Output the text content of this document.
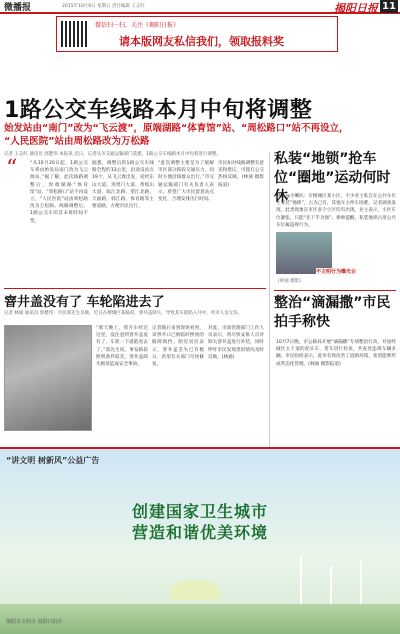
微播报	2015年10月9日 星期五 责任编辑 王志红	揭阳日报 11
微信扫一扫，关注《揭阳日报》
请本版网友私信我们，领取报料奖
1路公交车线路本月中旬将调整
始发站由“南门”改为“飞云渡”，原端湖路“体育馆”站、“周松路口”站不再设立，
“人民医院”站由周松路改为万松路
记者 王志红 通讯员 郭楚伟 本报讯 近日，记者从市交通运输部门获悉，1路公交车线路本月中旬将进行调整。
“
“从10月20日起，1路公交车将由始发站南门改为飞云渡站。”据了解，此次线路调整后，原端湖路“体育馆”站、“周松路口”站不再设立，“人民医院”站由周松路改为万松路。线路调整后，1路公交车的首末班时间不变。
据悉，调整后的1路公交车线路全程约13公里，沿途设站点19个，从飞云渡出发，途经东山大道、进贤门大道、黄岐山大道、临江北路、望江北路、天福路、韩江路、体育路等主要道路，方便市民出行。
“此次调整主要是为了缓解市区部分路段交通压力，同时方便沿线群众出行。”市交通运输部门有关负责人表示，希望广大市民留意站点变化，合理安排出行时间。
市民如对线路调整有意见和建议，可拨打公交热线反映。(林通 摄影 报道)
私装“地锁”抢车位“圈地”运动何时休
网友@小喇叭：在榕城区某小区，不少业主私自在公共车位上安装“地锁”，占为己有，其他车主停车困难。记者调查发现，此类现象在市区多个小区均有出现。业主表示，小区车位紧张，只能“先下手为强”。律师提醒，私装地锁占用公共车位属违规行为。
不文明行为曝光台
(林通 摄影)
窨井盖没有了 车轮陷进去了
记者 林通 通讯员 郭楚伟：市民郑先生反映，近日在榕城区某路段，窨井盖缺失，导致其车轮陷入井中，所幸人员无伤。
“那天晚上，我开车经过这里，没注意到窨井盖没有了，车轮一下就陷进去了。”郑先生说，事发路段照明条件较差，窨井盖缺失极易造成安全事故。
记者随后来到现场看到，该窨井口已被临时摆放的路障围挡。附近居民表示，窨井盖丢失已有数日，希望有关部门尽快修复。
对此，市政管理部门工作人员表示，将尽快安排人员对缺失窨井盖进行补装，同时呼吁市民发现类似情况及时反映。(林通)
整治“滴漏撒”市民拍手称快
10月7日晚，市公路局开展“滴漏撒”专项整治行动，对途经城区主干道的泥头车、货车进行检查，共查处违规车辆多辆。市民纷纷表示，此举有效改善了道路环境，希望能够形成常态化管理。(林通 摄影报道)
“讲文明 树新风”公益广告
创建国家卫生城市
营造和谐优美环境
揭阳市文明办 揭阳日报社
